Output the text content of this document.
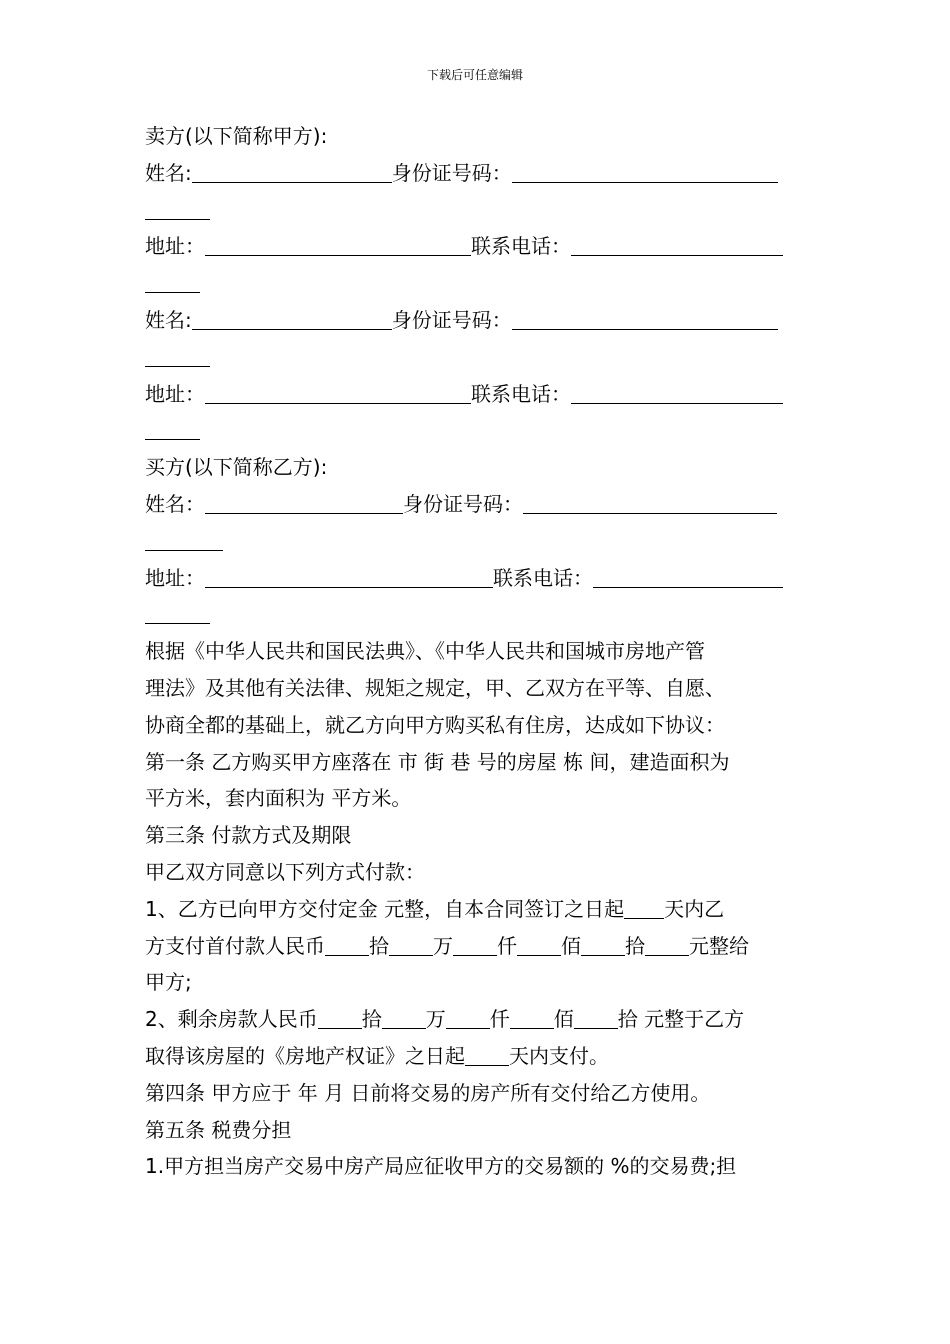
下载后可任意编辑
卖方(以下简称甲方):
姓名:	身份证号码：
地址：	联系电话：
姓名:	身份证号码：
地址：	联系电话：
买方(以下简称乙方):
姓名：	身份证号码：
地址：	联系电话：
根据《中华人民共和国民法典》、《中华人民共和国城市房地产管
理法》及其他有关法律、规矩之规定，甲、乙双方在平等、自愿、
协商全都的基础上，就乙方向甲方购买私有住房，达成如下协议：
第一条 乙方购买甲方座落在 市 街 巷 号的房屋 栋 间，建造面积为
平方米，套内面积为 平方米。
第三条 付款方式及期限
甲乙双方同意以下列方式付款：
1、乙方已向甲方交付定金 元整，自本合同签订之日起 天内乙
方支付首付款人民币 拾 万 仟 佰 拾 元整给
甲方;
2、剩余房款人民币 拾 万 仟 佰 拾 元整于乙方
取得该房屋的《房地产权证》之日起 天内支付。
第四条 甲方应于 年 月 日前将交易的房产所有交付给乙方使用。
第五条 税费分担
1.甲方担当房产交易中房产局应征收甲方的交易额的 %的交易费;担
